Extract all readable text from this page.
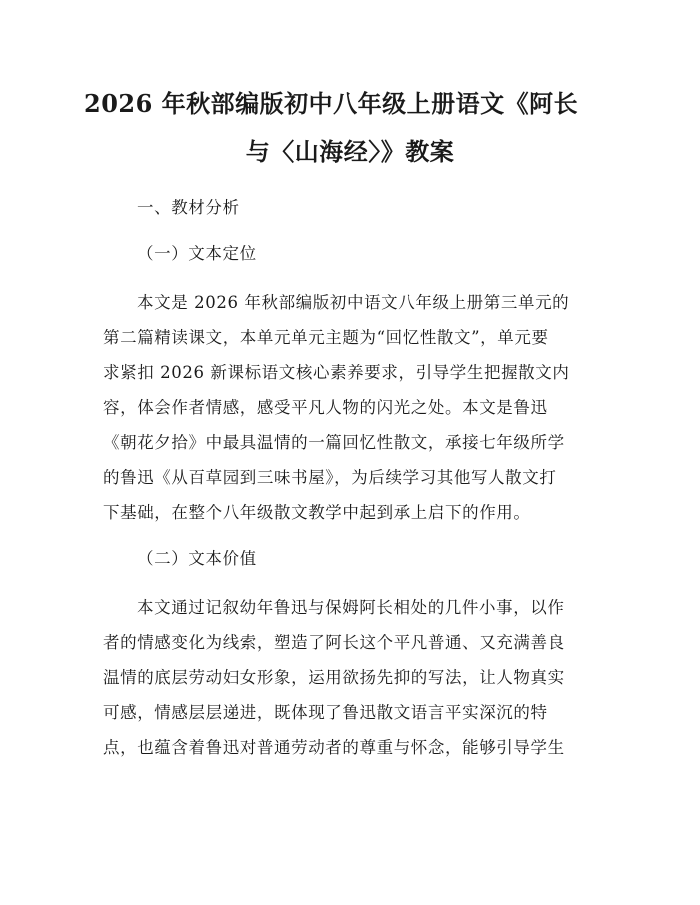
2026 年秋部编版初中八年级上册语文《阿长
与〈山海经〉》教案

一、教材分析

（一）文本定位

本文是 2026 年秋部编版初中语文八年级上册第三单元的

第二篇精读课文，本单元单元主题为“回忆性散文”，单元要

求紧扣 2026 新课标语文核心素养要求，引导学生把握散文内

容，体会作者情感，感受平凡人物的闪光之处。本文是鲁迅

《朝花夕拾》中最具温情的一篇回忆性散文，承接七年级所学

的鲁迅《从百草园到三味书屋》，为后续学习其他写人散文打

下基础，在整个八年级散文教学中起到承上启下的作用。

（二）文本价值

本文通过记叙幼年鲁迅与保姆阿长相处的几件小事，以作

者的情感变化为线索，塑造了阿长这个平凡普通、又充满善良

温情的底层劳动妇女形象，运用欲扬先抑的写法，让人物真实

可感，情感层层递进，既体现了鲁迅散文语言平实深沉的特

点，也蕴含着鲁迅对普通劳动者的尊重与怀念，能够引导学生
